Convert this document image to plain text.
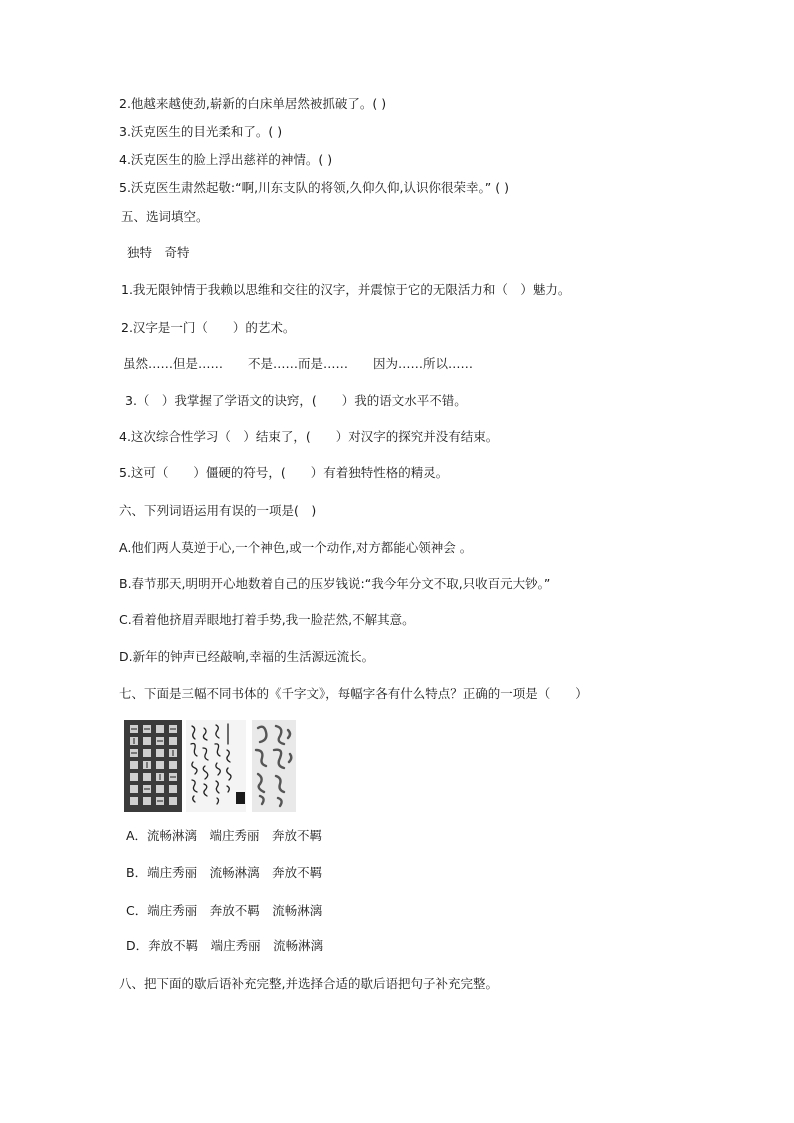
2.他越来越使劲,崭新的白床单居然被抓破了。( )
3.沃克医生的目光柔和了。( )
4.沃克医生的脸上浮出慈祥的神情。( )
5.沃克医生肃然起敬:“啊,川东支队的将领,久仰久仰,认识你很荣幸。” ( )
五、选词填空。
独特　奇特
1.我无限钟情于我赖以思维和交往的汉字，并震惊于它的无限活力和（　）魅力。
2.汉字是一门（　　）的艺术。
虽然……但是……　　不是……而是……　　因为……所以……
3.（　）我掌握了学语文的诀窍，(　　）我的语文水平不错。
4.这次综合性学习（　）结束了，(　　）对汉字的探究并没有结束。
5.这可（　　）僵硬的符号，(　　）有着独特性格的精灵。
六、下列词语运用有误的一项是(　)
A.他们两人莫逆于心,一个神色,或一个动作,对方都能心领神会 。
B.春节那天,明明开心地数着自己的压岁钱说:“我今年分文不取,只收百元大钞。”
C.看着他挤眉弄眼地打着手势,我一脸茫然,不解其意。
D.新年的钟声已经敲响,幸福的生活源远流长。
七、下面是三幅不同书体的《千字文》，每幅字各有什么特点？正确的一项是（　　）
A．流畅淋漓　端庄秀丽　奔放不羁
B．端庄秀丽　流畅淋漓　奔放不羁
C．端庄秀丽　奔放不羁　流畅淋漓
D．奔放不羁　端庄秀丽　流畅淋漓
八、把下面的歇后语补充完整,并选择合适的歇后语把句子补充完整。
